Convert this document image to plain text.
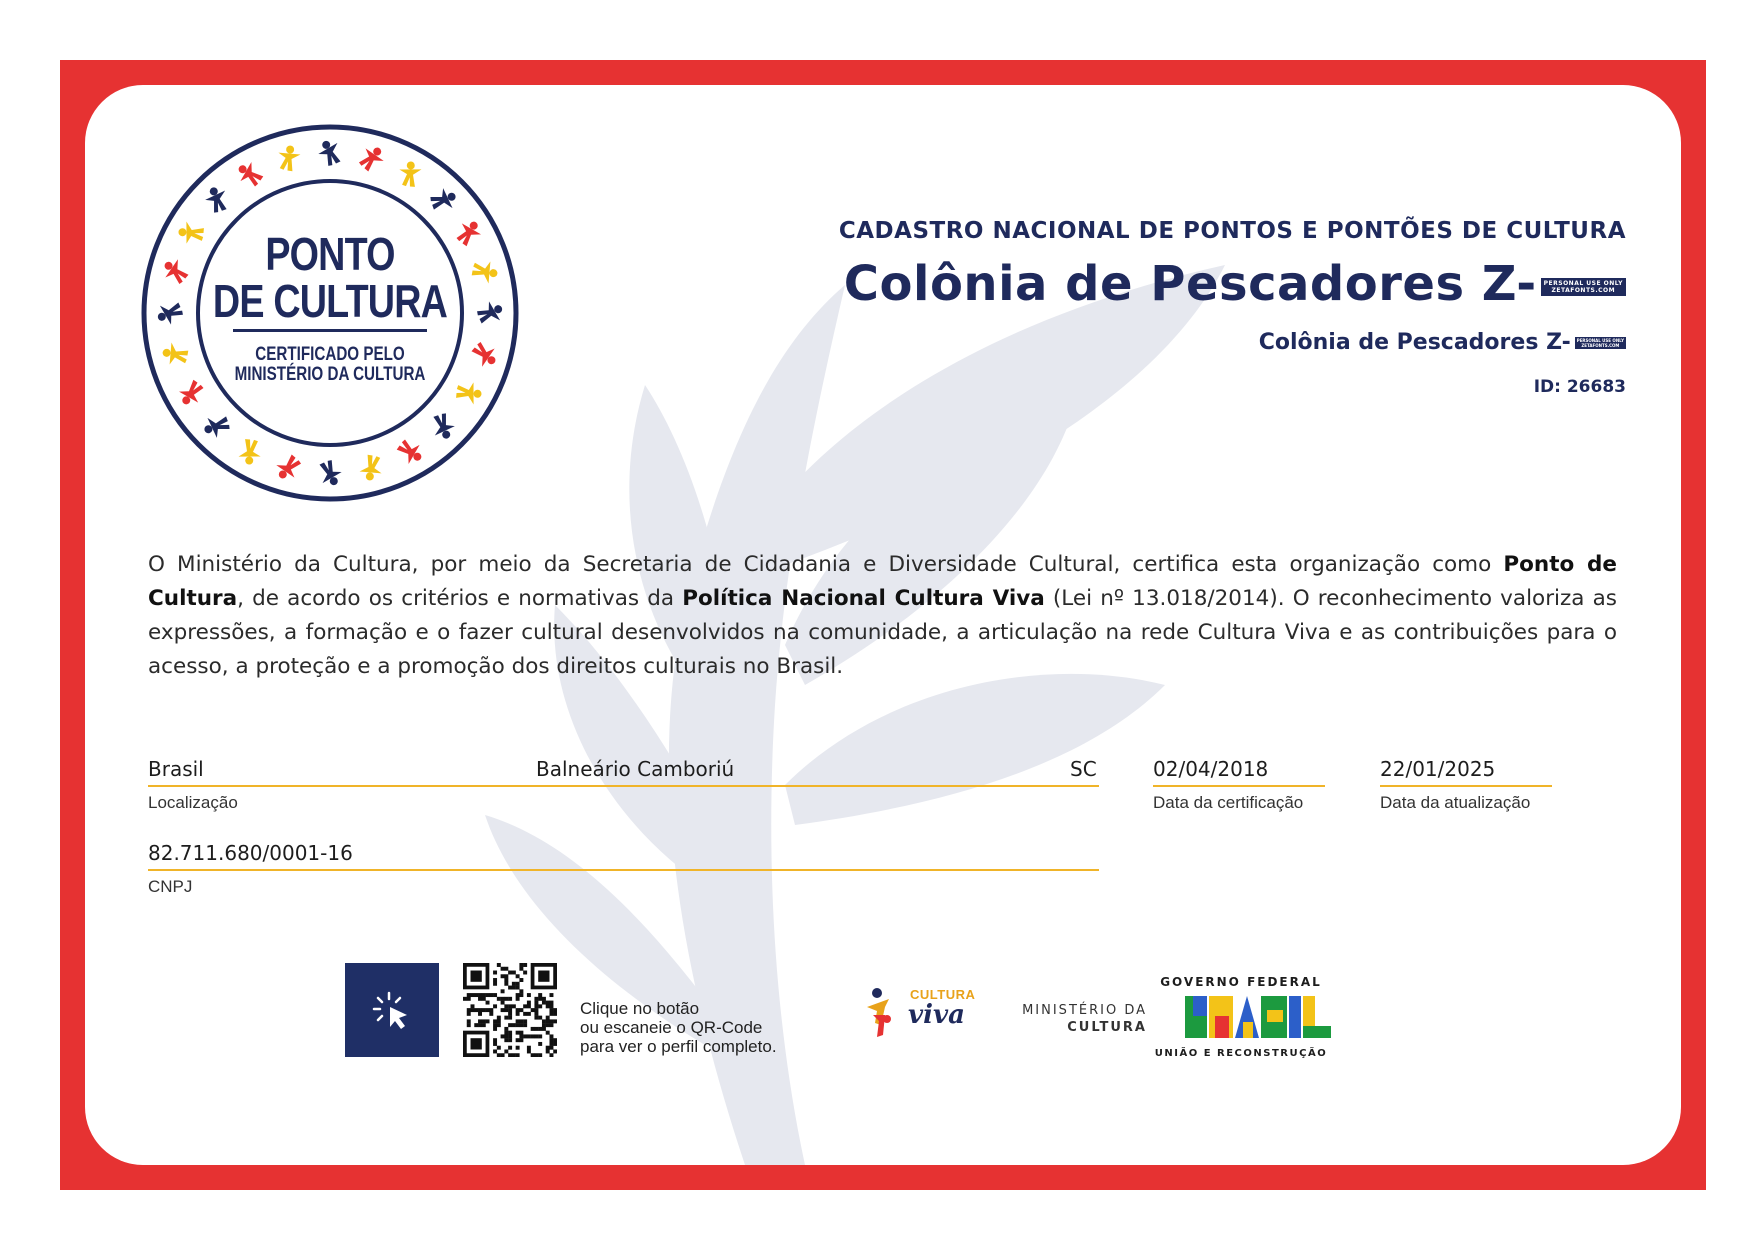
PONTO
DE CULTURA
CERTIFICADO PELO
MINISTÉRIO DA CULTURA
CADASTRO NACIONAL DE PONTOS E PONTÕES DE CULTURA
Colônia de Pescadores Z- PERSONAL USE ONLY
ZETAFONTS.COM
Colônia de Pescadores Z- PERSONAL USE ONLY
ZETAFONTS.COM
ID: 26683
O Ministério da Cultura, por meio da Secretaria de Cidadania e Diversidade Cultural, certifica esta organização como Ponto de Cultura, de acordo os critérios e normativas da Política Nacional Cultura Viva (Lei nº 13.018/2014). O reconhecimento valoriza as expressões, a formação e o fazer cultural desenvolvidos na comunidade, a articulação na rede Cultura Viva e as contribuições para o acesso, a proteção e a promoção dos direitos culturais no Brasil.
Brasil	Balneário Camboriú	SC
Localização
02/04/2018
Data da certificação
22/01/2025
Data da atualização
82.711.680/0001-16
CNPJ
Clique no botão
ou escaneie o QR-Code
para ver o perfil completo.
CULTURA
viva	MINISTÉRIO DA
CULTURA
GOVERNO FEDERAL
UNIÃO E RECONSTRUÇÃO
